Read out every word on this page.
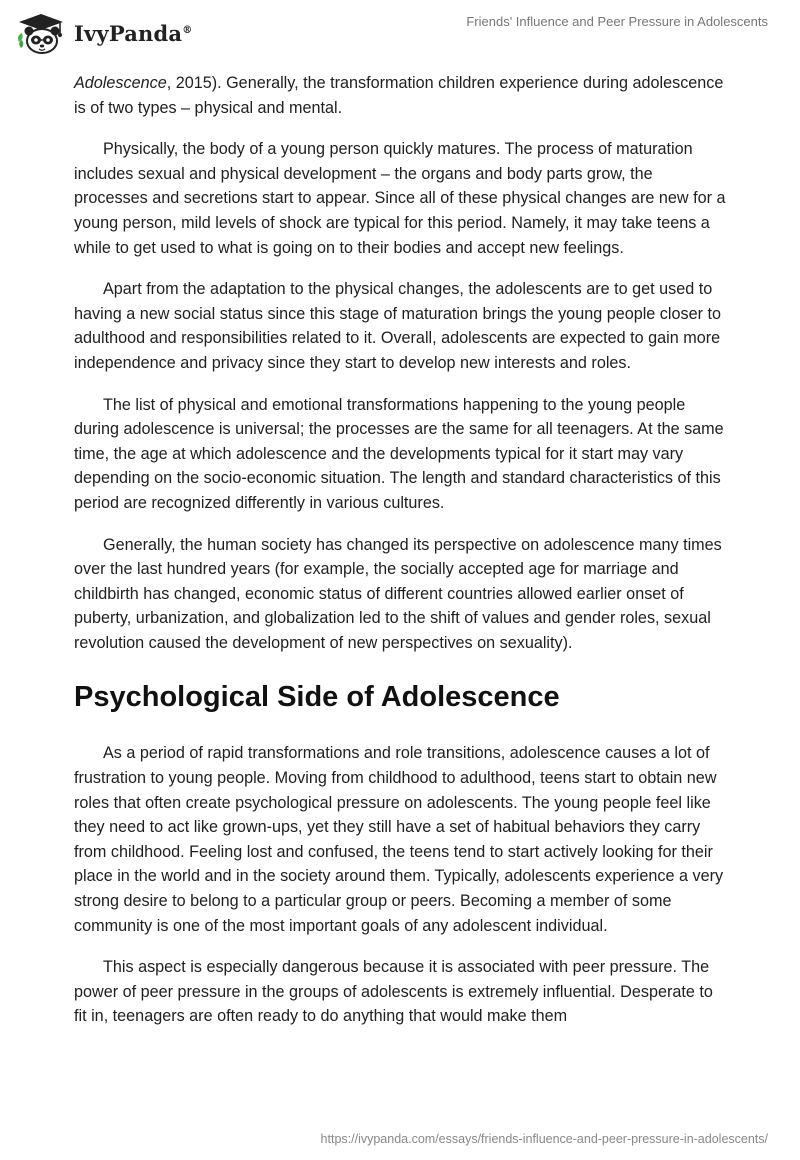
IvyPanda®
Friends' Influence and Peer Pressure in Adolescents

Adolescence, 2015). Generally, the transformation children experience during adolescence is of two types – physical and mental.

Physically, the body of a young person quickly matures. The process of maturation includes sexual and physical development – the organs and body parts grow, the processes and secretions start to appear. Since all of these physical changes are new for a young person, mild levels of shock are typical for this period. Namely, it may take teens a while to get used to what is going on to their bodies and accept new feelings.

Apart from the adaptation to the physical changes, the adolescents are to get used to having a new social status since this stage of maturation brings the young people closer to adulthood and responsibilities related to it. Overall, adolescents are expected to gain more independence and privacy since they start to develop new interests and roles.

The list of physical and emotional transformations happening to the young people during adolescence is universal; the processes are the same for all teenagers. At the same time, the age at which adolescence and the developments typical for it start may vary depending on the socio-economic situation. The length and standard characteristics of this period are recognized differently in various cultures.

Generally, the human society has changed its perspective on adolescence many times over the last hundred years (for example, the socially accepted age for marriage and childbirth has changed, economic status of different countries allowed earlier onset of puberty, urbanization, and globalization led to the shift of values and gender roles, sexual revolution caused the development of new perspectives on sexuality).

Psychological Side of Adolescence

As a period of rapid transformations and role transitions, adolescence causes a lot of frustration to young people. Moving from childhood to adulthood, teens start to obtain new roles that often create psychological pressure on adolescents. The young people feel like they need to act like grown-ups, yet they still have a set of habitual behaviors they carry from childhood. Feeling lost and confused, the teens tend to start actively looking for their place in the world and in the society around them. Typically, adolescents experience a very strong desire to belong to a particular group or peers. Becoming a member of some community is one of the most important goals of any adolescent individual.

This aspect is especially dangerous because it is associated with peer pressure. The power of peer pressure in the groups of adolescents is extremely influential. Desperate to fit in, teenagers are often ready to do anything that would make them

https://ivypanda.com/essays/friends-influence-and-peer-pressure-in-adolescents/
